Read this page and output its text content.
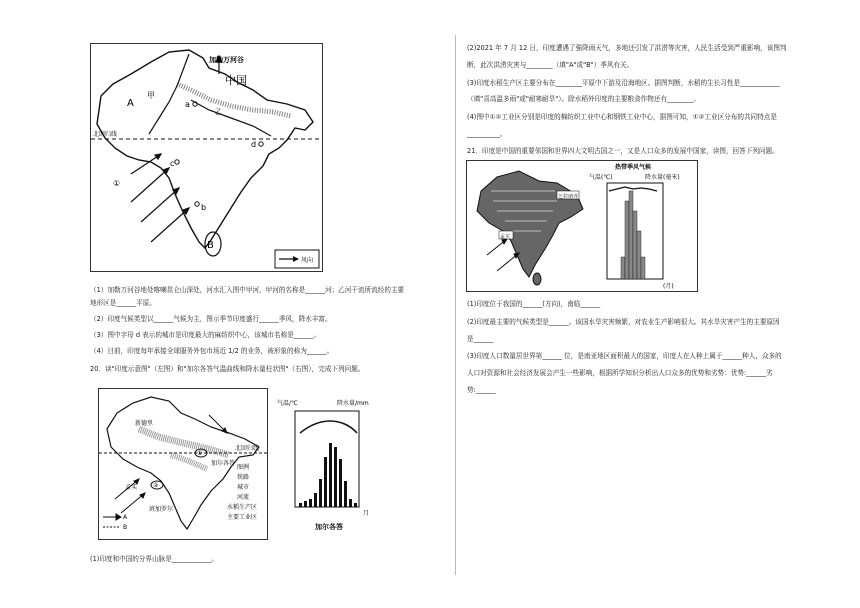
加勒万河谷
中国
甲
A	a
乙
d
北回归线
c
①
b
B
风向
（1）加勒万河谷地处喀喇昆仑山深处，河水汇入图中甲河，甲河的名称是______河；乙河干流所流经的主要
地形区是______平原。
（2）印度气候类型以______气候为主，图示季节印度盛行______季风，降水丰富。
（3）图中字母 d 表示的城市是印度最大的麻纺织中心，该城市名称是______。
（4）目前，印度每年承接全球服务外包市场近 1/2 的业务，被形象的称为______。
20．读"印度示意图"（左图）和"加尔各答气温曲线和降水量柱状图"（右图），完成下列问题。
新德里
加尔各答
北回归线
①
②
孟买
班加罗尔
A
B
图例
铁路
城市
河流
水稻生产区
主要工业区
气温/℃	降水量/mm
加尔各答
月
(1)印度和中国的分界山脉是____________。
(2)2021 年 7 月 12 日，印度遭遇了强降雨天气，多地还引发了洪涝等灾害，人民生活受到严重影响，该图判
断，此次洪涝灾害与________（填"A"或"B"）季风有关。
(3)印度水稻生产区主要分布在________平原中下游及沿海地区。据图判断，水稻的生长习性是____________
（填"喜高温多雨"或"耐寒耐旱"）。除水稻外印度的主要粮食作物还有________。
(4)图中①②工业区分别是印度的棉纺织工业中心和钢铁工业中心，据图可知，①②工业区分布的共同特点是
__________。
21．印度是中国的重要邻国和世界四大文明古国之一，又是人口众多的发展中国家，读图，回答下列问题。
孟买
乞拉朋齐
热带季风气候
气温(℃)	降水量(毫米)
(月)
(1)印度位于我国的______(方向)，南临______
(2)印度最主要的气候类型是______。该国水旱灾害频繁，对农业生产影响很大。其水旱灾害产生的主要原因
是______
(3)印度人口数量居世界第______ 位，是南亚地区面积最大的国家，印度人在人种上属于______种人，众多的
人口对资源和社会经济发展会产生一些影响，根据所学知识分析出人口众多的优势和劣势：优势:______劣
势:______
